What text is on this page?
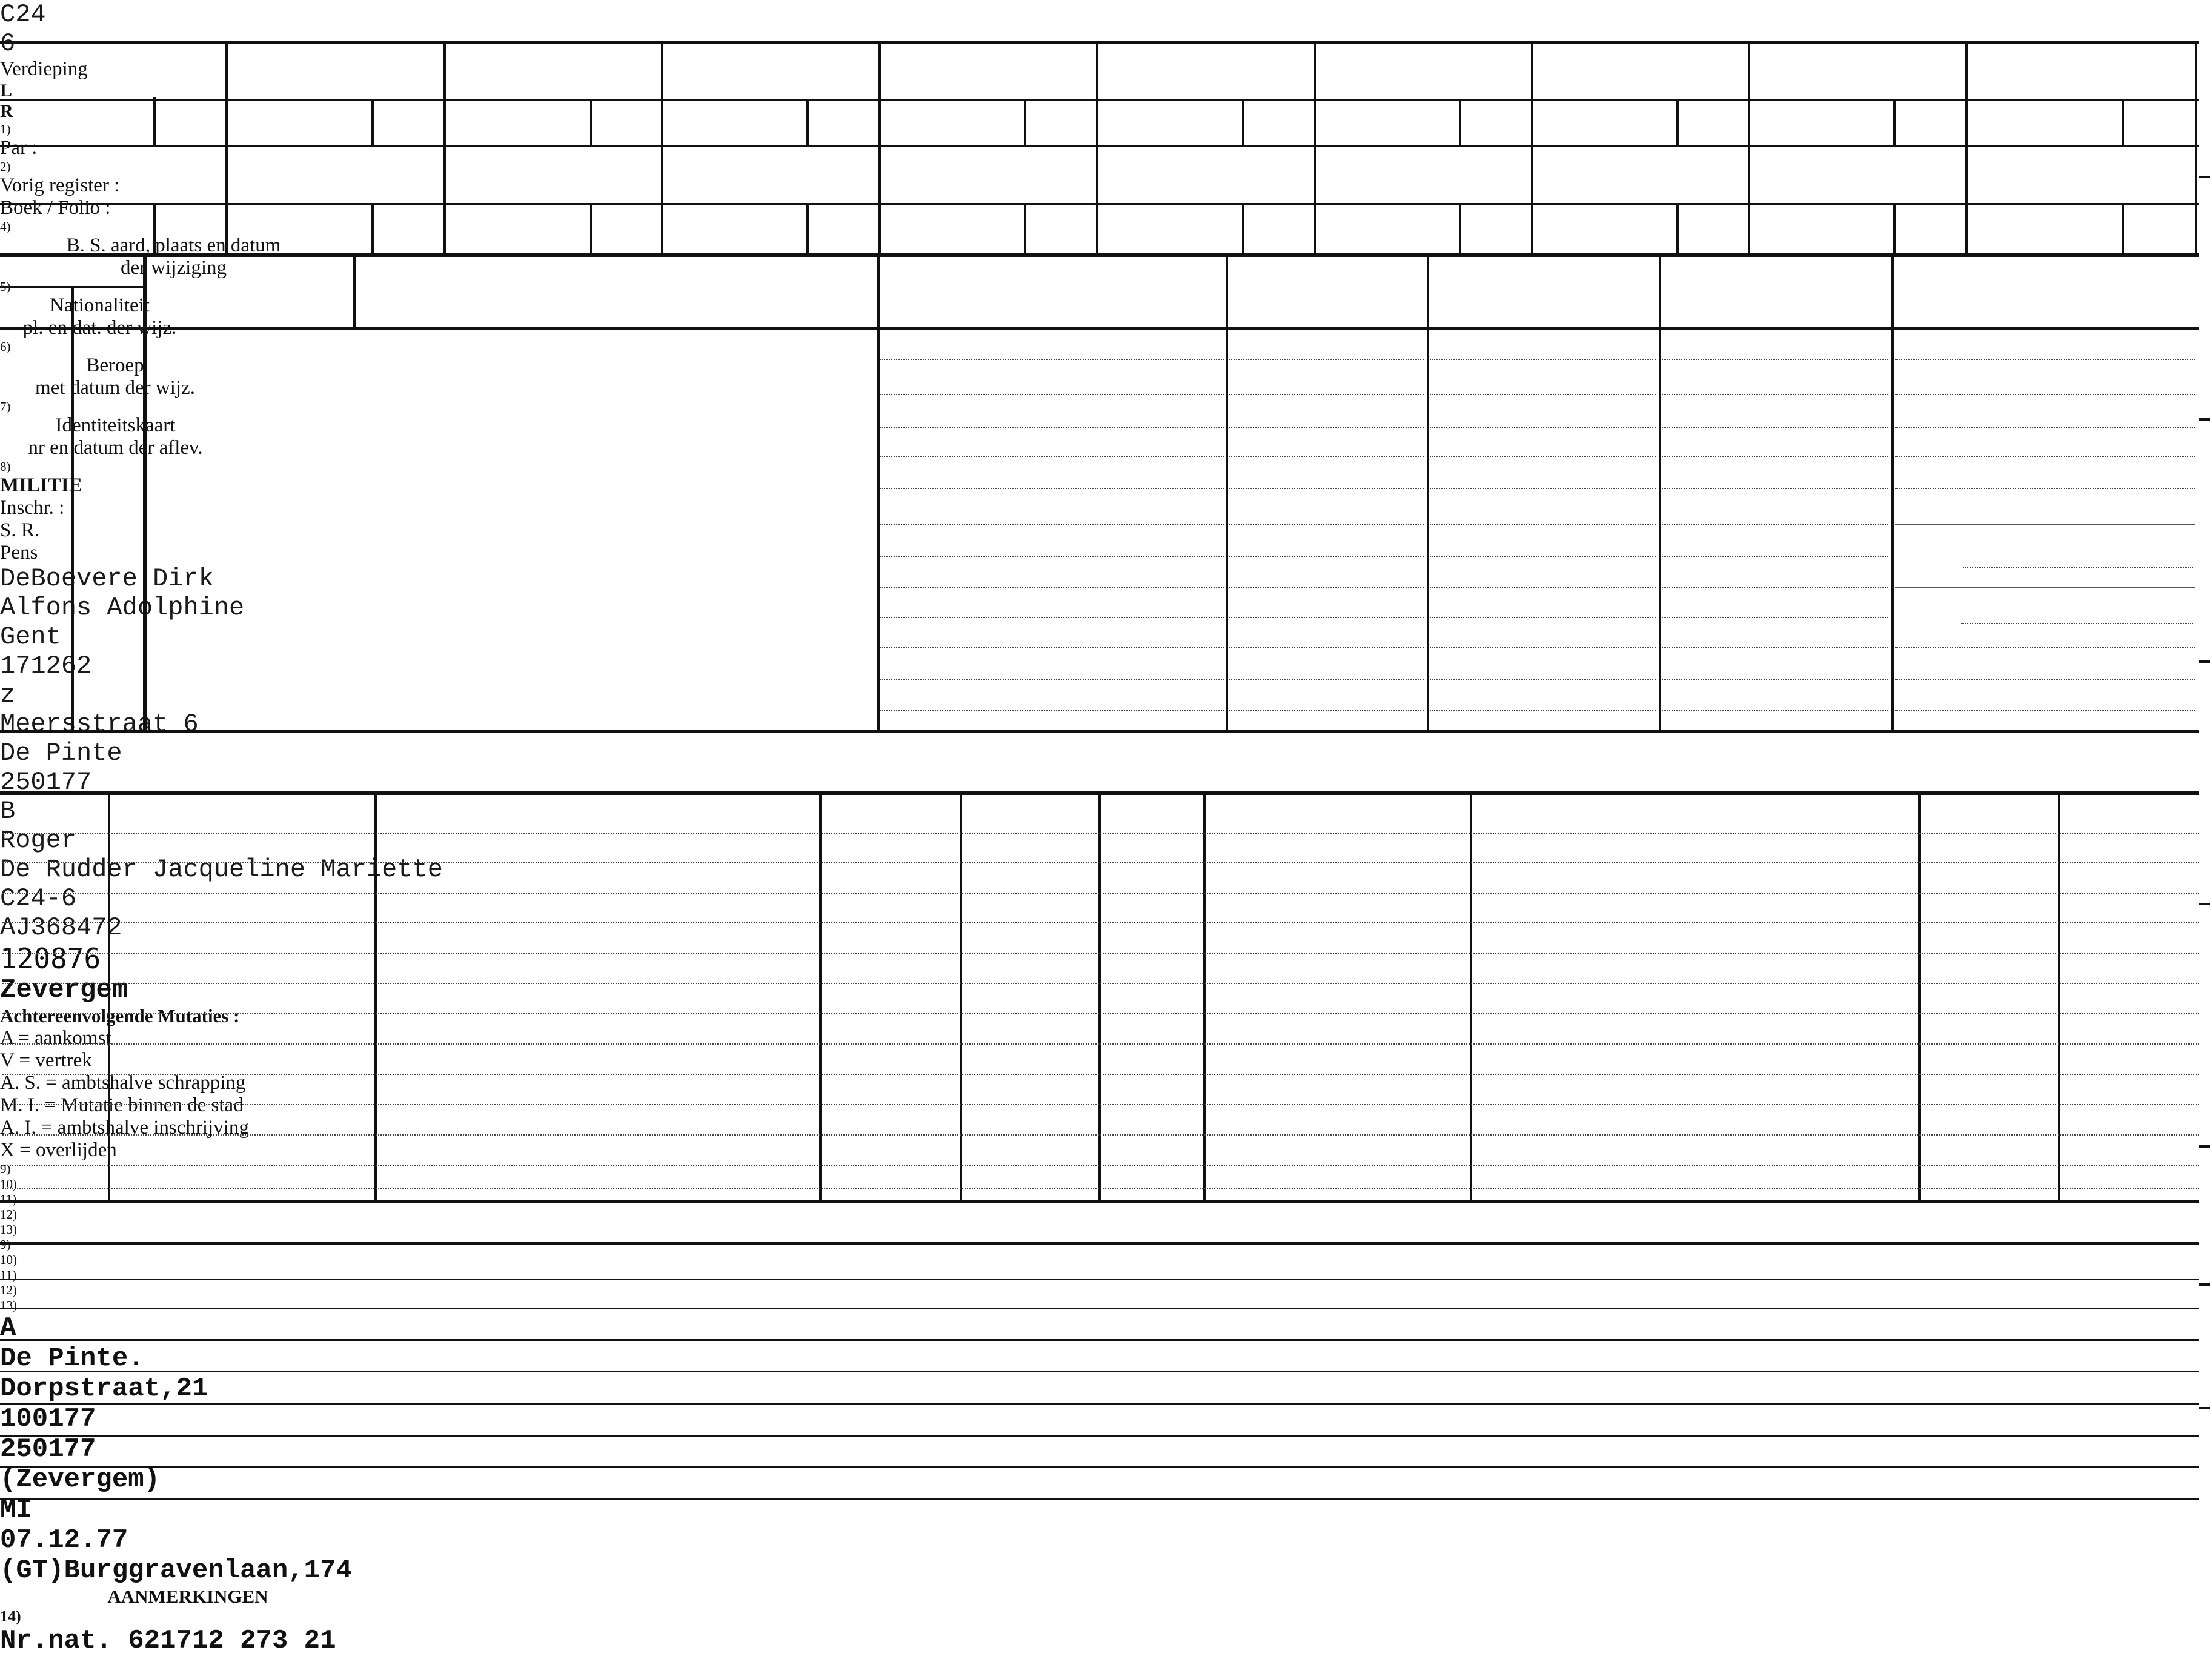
C24
6
Verdieping
L
R
1)
Par :
2)
Vorig register :
Boek / Folio :
4)
B. S. aard, plaats en datum
der wijziging
5)
Nationaliteit
pl. en dat. der wijz.
6)
Beroep
met datum der wijz.
7)
Identiteitskaart
nr en datum der aflev.
8)
MILITIE
Inschr. :
S. R.
Pens
DeBoevere Dirk
Alfons Adolphine
Gent
171262
z
Meersstraat 6
De Pinte
250177
B
Roger
De Rudder Jacqueline Mariette
C24-6
AJ368472
120876
Zevergem
Achtereenvolgende Mutaties :
A = aankomst
V = vertrek
A. S. = ambtshalve schrapping
M. I. = Mutatie binnen de stad
A. I. = ambtshalve inschrijving
X = overlijden
9)
10)
11)
12)
13)
9)
10)
11)
12)
13)
A
De Pinte.
Dorpstraat,21
100177
250177
(Zevergem)
MI
07.12.77
(GT)Burggravenlaan,174
AANMERKINGEN
14)
Nr.nat. 621712 273 21
